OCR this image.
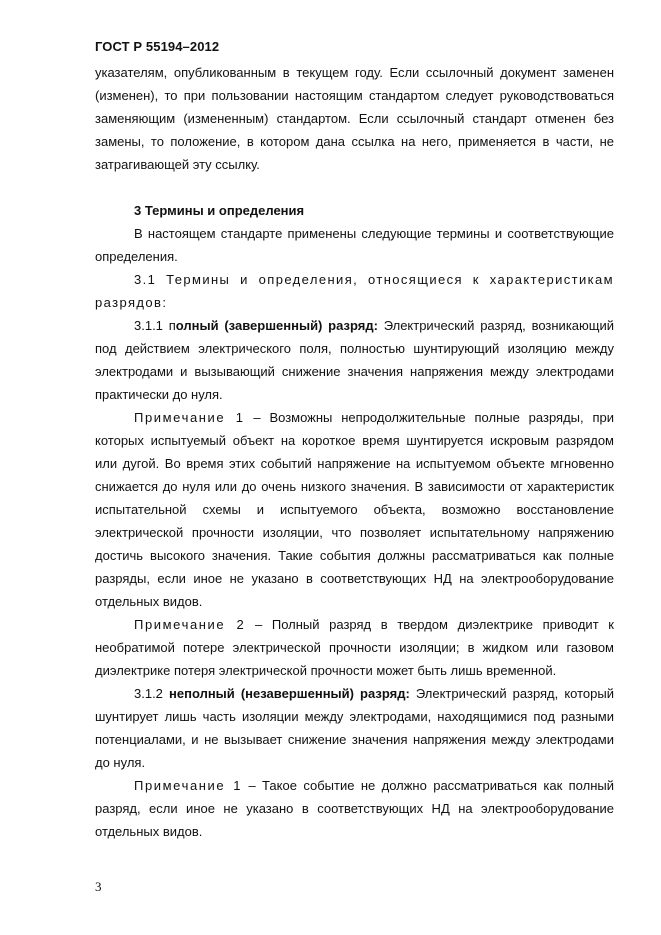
ГОСТ Р 55194–2012

указателям, опубликованным в текущем году. Если ссылочный документ заменен (изменен), то при пользовании настоящим стандартом следует руководствоваться заменяющим (измененным) стандартом. Если ссылочный стандарт отменен без замены, то положение, в котором дана ссылка на него, применяется в части, не затрагивающей эту ссылку.

3 Термины и определения

В настоящем стандарте применены следующие термины и соответствующие определения.

3.1 Термины и определения, относящиеся к характеристикам разрядов:

3.1.1 полный (завершенный) разряд: Электрический разряд, возникающий под действием электрического поля, полностью шунтирующий изоляцию между электродами и вызывающий снижение значения напряжения между электродами практически до нуля.

Примечание 1 – Возможны непродолжительные полные разряды, при которых испытуемый объект на короткое время шунтируется искровым разрядом или дугой. Во время этих событий напряжение на испытуемом объекте мгновенно снижается до нуля или до очень низкого значения. В зависимости от характеристик испытательной схемы и испытуемого объекта, возможно восстановление электрической прочности изоляции, что позволяет испытательному напряжению достичь высокого значения. Такие события должны рассматриваться как полные разряды, если иное не указано в соответствующих НД на электрооборудование отдельных видов.

Примечание 2 – Полный разряд в твердом диэлектрике приводит к необратимой потере электрической прочности изоляции; в жидком или газовом диэлектрике потеря электрической прочности может быть лишь временной.

3.1.2 неполный (незавершенный) разряд: Электрический разряд, который шунтирует лишь часть изоляции между электродами, находящимися под разными потенциалами, и не вызывает снижение значения напряжения между электродами до нуля.

Примечание 1 – Такое событие не должно рассматриваться как полный разряд, если иное не указано в соответствующих НД на электрооборудование отдельных видов.

3
